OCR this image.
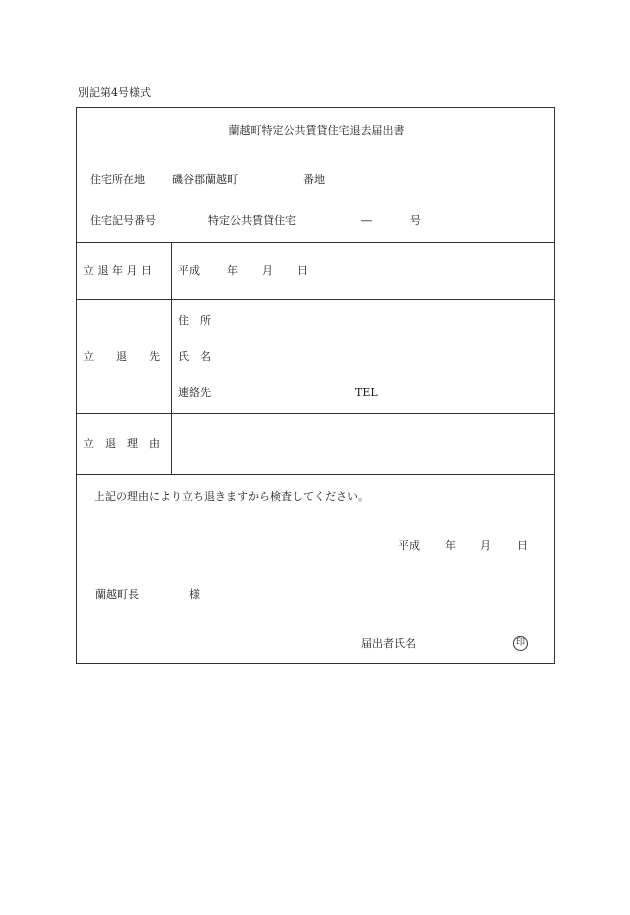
別記第4号様式
蘭越町特定公共賃貸住宅退去届出書
住宅所在地 磯谷郡蘭越町	番地
住宅記号番号	特定公共賃貸住宅	―	号
立 退 年 月 日 平成 年 月 日
立　　退　　先
住　所
氏　名
連絡先	TEL
立　退　理　由
上記の理由により立ち退きますから検査してください。
平成 年 月 日
蘭越町長	様
届出者氏名	印
